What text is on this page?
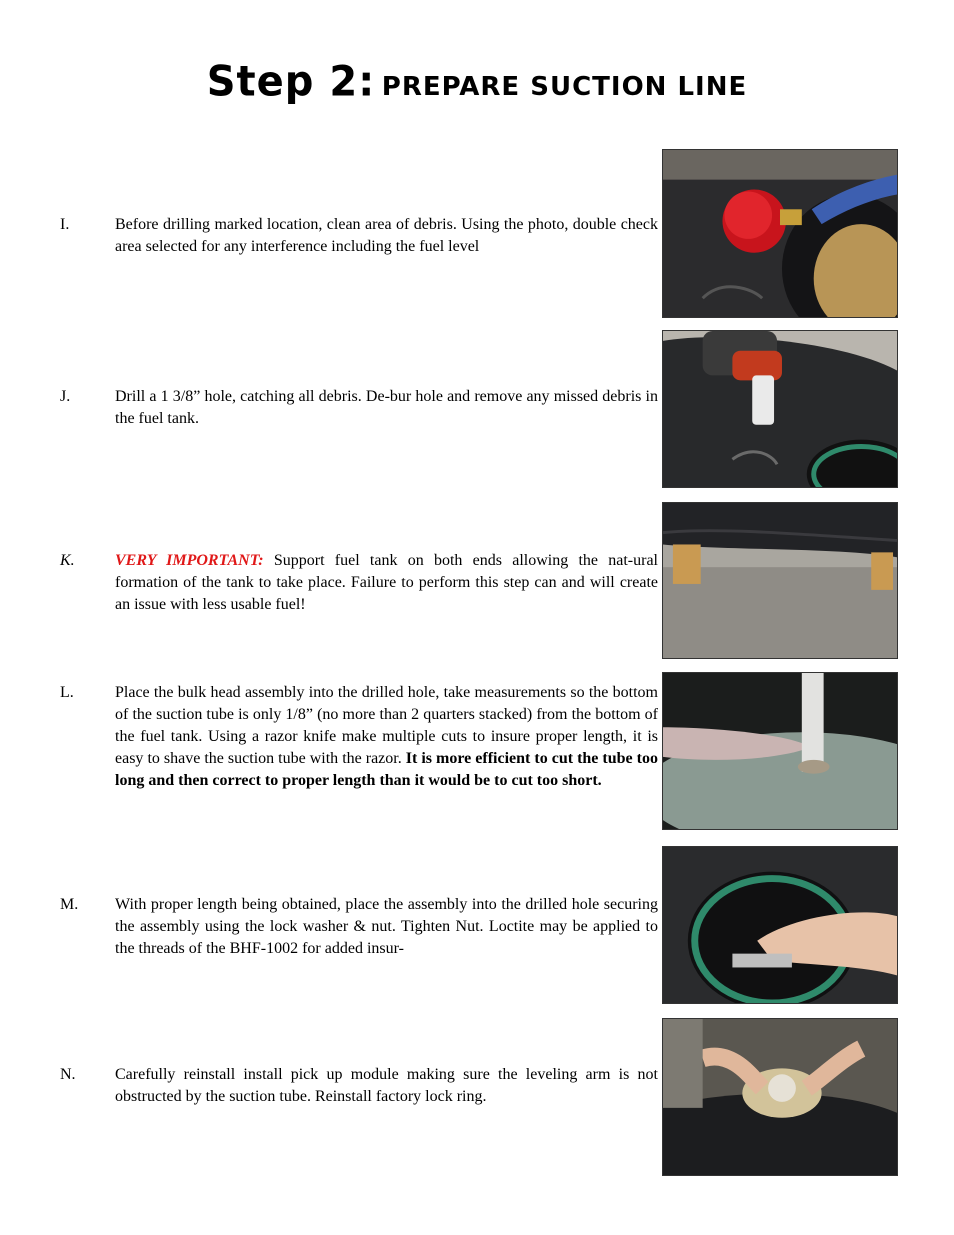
Step 2: PREPARE SUCTION LINE
I.	Before drilling marked location, clean area of debris. Using the photo, double check area selected for any interference including the fuel level
J.	Drill a 1 3/8” hole, catching all debris. De-bur hole and remove any missed debris in the fuel tank.
K.	VERY IMPORTANT: Support fuel tank on both ends allowing the nat-ural formation of the tank to take place. Failure to perform this step can and will create an issue with less usable fuel!
L.	Place the bulk head assembly into the drilled hole, take measurements so the bottom of the suction tube is only 1/8” (no more than 2 quarters stacked) from the bottom of the fuel tank. Using a razor knife make multiple cuts to insure proper length, it is easy to shave the suction tube with the razor. It is more efficient to cut the tube too long and then correct to proper length than it would be to cut too short.
M. With proper length being obtained, place the assembly into the drilled hole securing the assembly using the lock washer & nut. Tighten Nut. Loctite may be applied to the threads of the BHF-1002 for added insur-
N. Carefully reinstall install pick up module making sure the leveling arm is not obstructed by the suction tube. Reinstall factory lock ring.
